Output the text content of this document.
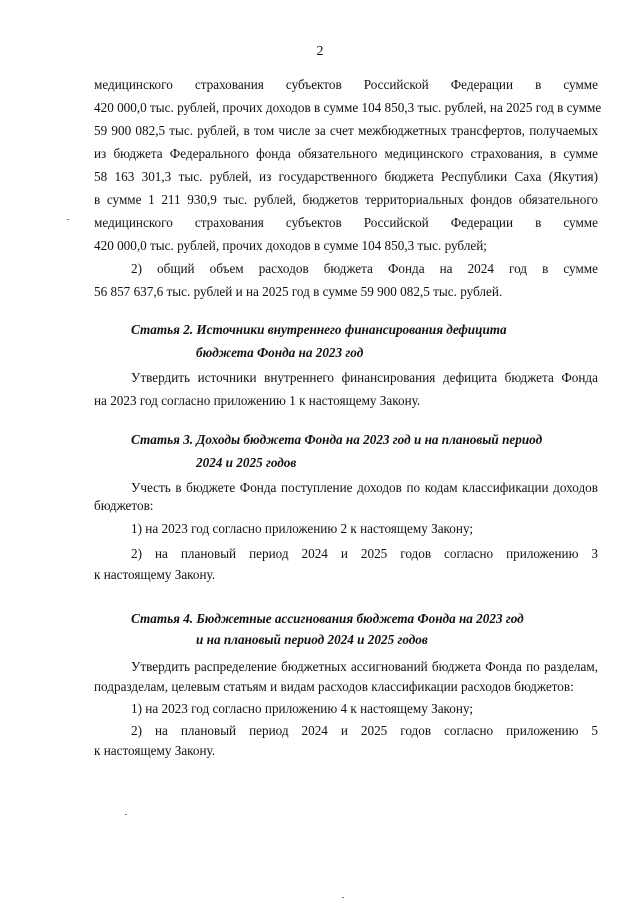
2
медицинского страхования субъектов Российской Федерации в сумме
420 000,0 тыс. рублей, прочих доходов в сумме 104 850,3 тыс. рублей, на 2025 год в сумме
59 900 082,5 тыс. рублей, в том числе за счет межбюджетных трансфертов, получаемых
из бюджета Федерального фонда обязательного медицинского страхования, в сумме
58 163 301,3 тыс. рублей, из государственного бюджета Республики Саха (Якутия)
в сумме 1 211 930,9 тыс. рублей, бюджетов территориальных фондов обязательного
медицинского страхования субъектов Российской Федерации в сумме
420 000,0 тыс. рублей, прочих доходов в сумме 104 850,3 тыс. рублей;
2) общий объем расходов бюджета Фонда на 2024 год в сумме
56 857 637,6 тыс. рублей и на 2025 год в сумме 59 900 082,5 тыс. рублей.
Статья 2. Источники внутреннего финансирования дефицита
бюджета Фонда на 2023 год
Утвердить источники внутреннего финансирования дефицита бюджета Фонда
на 2023 год согласно приложению 1 к настоящему Закону.
Статья 3. Доходы бюджета Фонда на 2023 год и на плановый период
2024 и 2025 годов
Учесть в бюджете Фонда поступление доходов по кодам классификации доходов
бюджетов:
1) на 2023 год согласно приложению 2 к настоящему Закону;
2) на плановый период 2024 и 2025 годов согласно приложению 3
к настоящему Закону.
Статья 4. Бюджетные ассигнования бюджета Фонда на 2023 год
и на плановый период 2024 и 2025 годов
Утвердить распределение бюджетных ассигнований бюджета Фонда по разделам,
подразделам, целевым статьям и видам расходов классификации расходов бюджетов:
1) на 2023 год согласно приложению 4 к настоящему Закону;
2) на плановый период 2024 и 2025 годов согласно приложению 5
к настоящему Закону.
